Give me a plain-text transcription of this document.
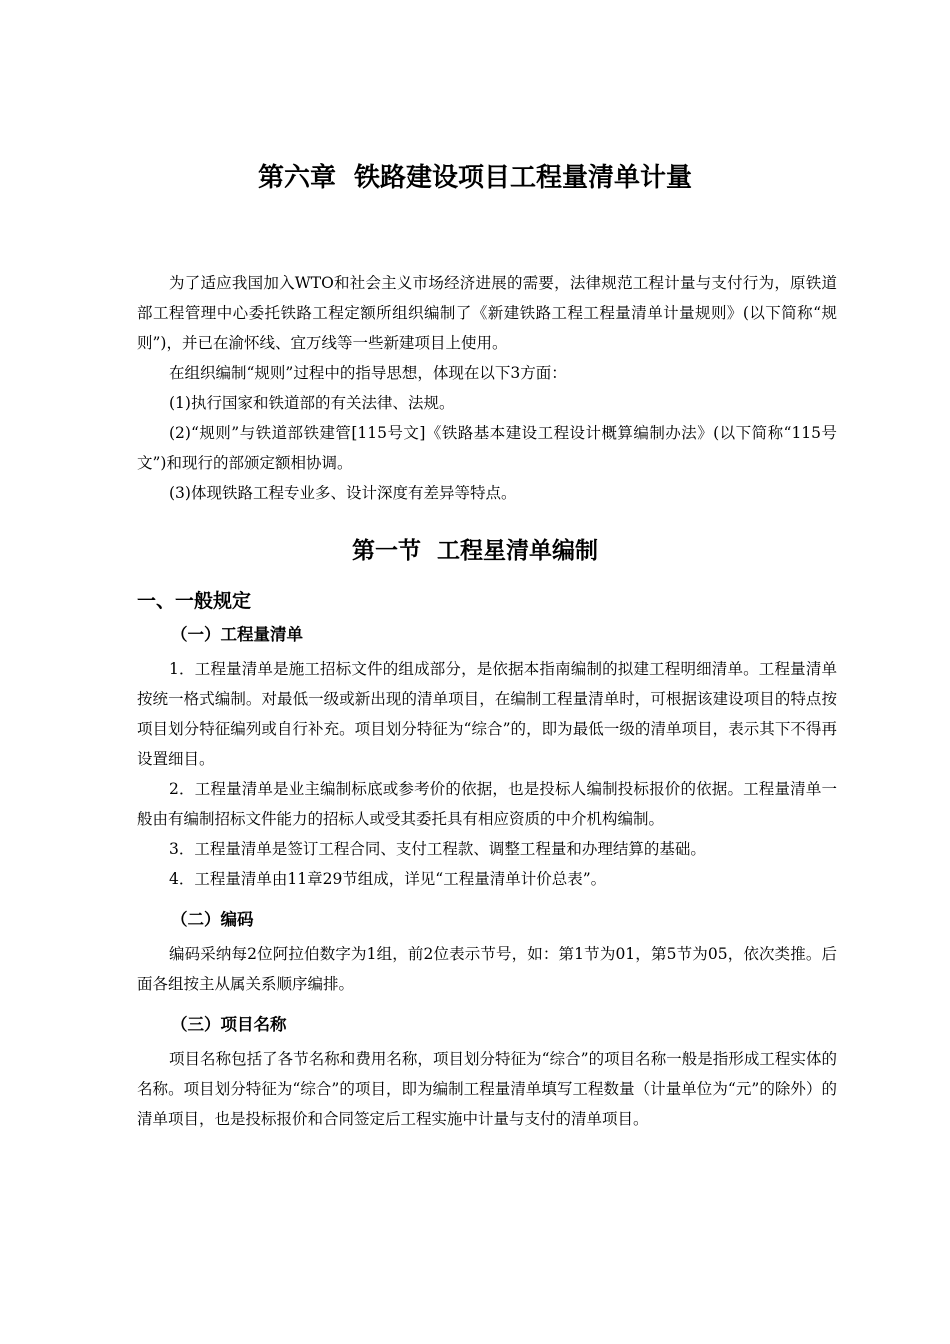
第六章  铁路建设项目工程量清单计量

为了适应我国加入WTO和社会主义市场经济进展的需要，法律规范工程计量与支付行为，原铁道部工程管理中心委托铁路工程定额所组织编制了《新建铁路工程工程量清单计量规则》(以下简称“规则”)，并已在渝怀线、宜万线等一些新建项目上使用。

在组织编制“规则”过程中的指导思想，体现在以下3方面：

(1)执行国家和铁道部的有关法律、法规。

(2)“规则”与铁道部铁建管[115号文]《铁路基本建设工程设计概算编制办法》(以下简称“115号文”)和现行的部颁定额相协调。

(3)体现铁路工程专业多、设计深度有差异等特点。

第一节  工程星清单编制
一、一般规定
（一）工程量清单

1．工程量清单是施工招标文件的组成部分，是依据本指南编制的拟建工程明细清单。工程量清单按统一格式编制。对最低一级或新出现的清单项目，在编制工程量清单时，可根据该建设项目的特点按项目划分特征编列或自行补充。项目划分特征为“综合”的，即为最低一级的清单项目，表示其下不得再设置细目。

2．工程量清单是业主编制标底或参考价的依据，也是投标人编制投标报价的依据。工程量清单一般由有编制招标文件能力的招标人或受其委托具有相应资质的中介机构编制。

3．工程量清单是签订工程合同、支付工程款、调整工程量和办理结算的基础。

4．工程量清单由11章29节组成，详见“工程量清单计价总表”。

（二）编码

编码采纳每2位阿拉伯数字为1组，前2位表示节号，如：第1节为01，第5节为05，依次类推。后面各组按主从属关系顺序编排。

（三）项目名称

项目名称包括了各节名称和费用名称，项目划分特征为“综合”的项目名称一般是指形成工程实体的名称。项目划分特征为“综合”的项目，即为编制工程量清单填写工程数量（计量单位为“元”的除外）的清单项目，也是投标报价和合同签定后工程实施中计量与支付的清单项目。
